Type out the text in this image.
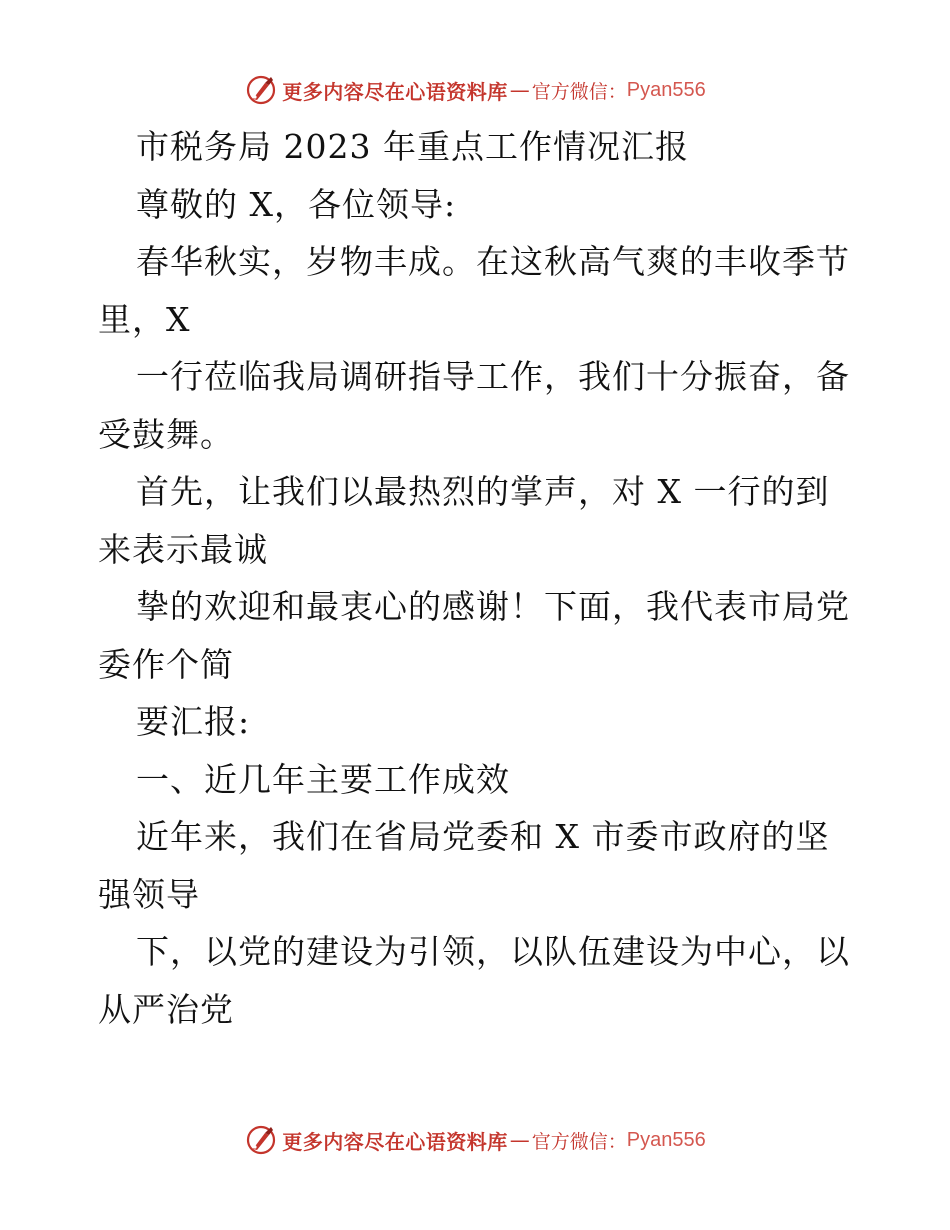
更多内容尽在心语资料库 — 官方微信： Pyan556
市税务局 2023 年重点工作情况汇报
尊敬的 X，各位领导:
春华秋实，岁物丰成。在这秋高气爽的丰收季节
里，X
一行莅临我局调研指导工作，我们十分振奋，备
受鼓舞。
首先，让我们以最热烈的掌声，对 X 一行的到
来表示最诚
挚的欢迎和最衷心的感谢！下面，我代表市局党
委作个简
要汇报:
一、近几年主要工作成效
近年来，我们在省局党委和 X 市委市政府的坚
强领导
下，以党的建设为引领，以队伍建设为中心，以
从严治党
更多内容尽在心语资料库 — 官方微信： Pyan556
